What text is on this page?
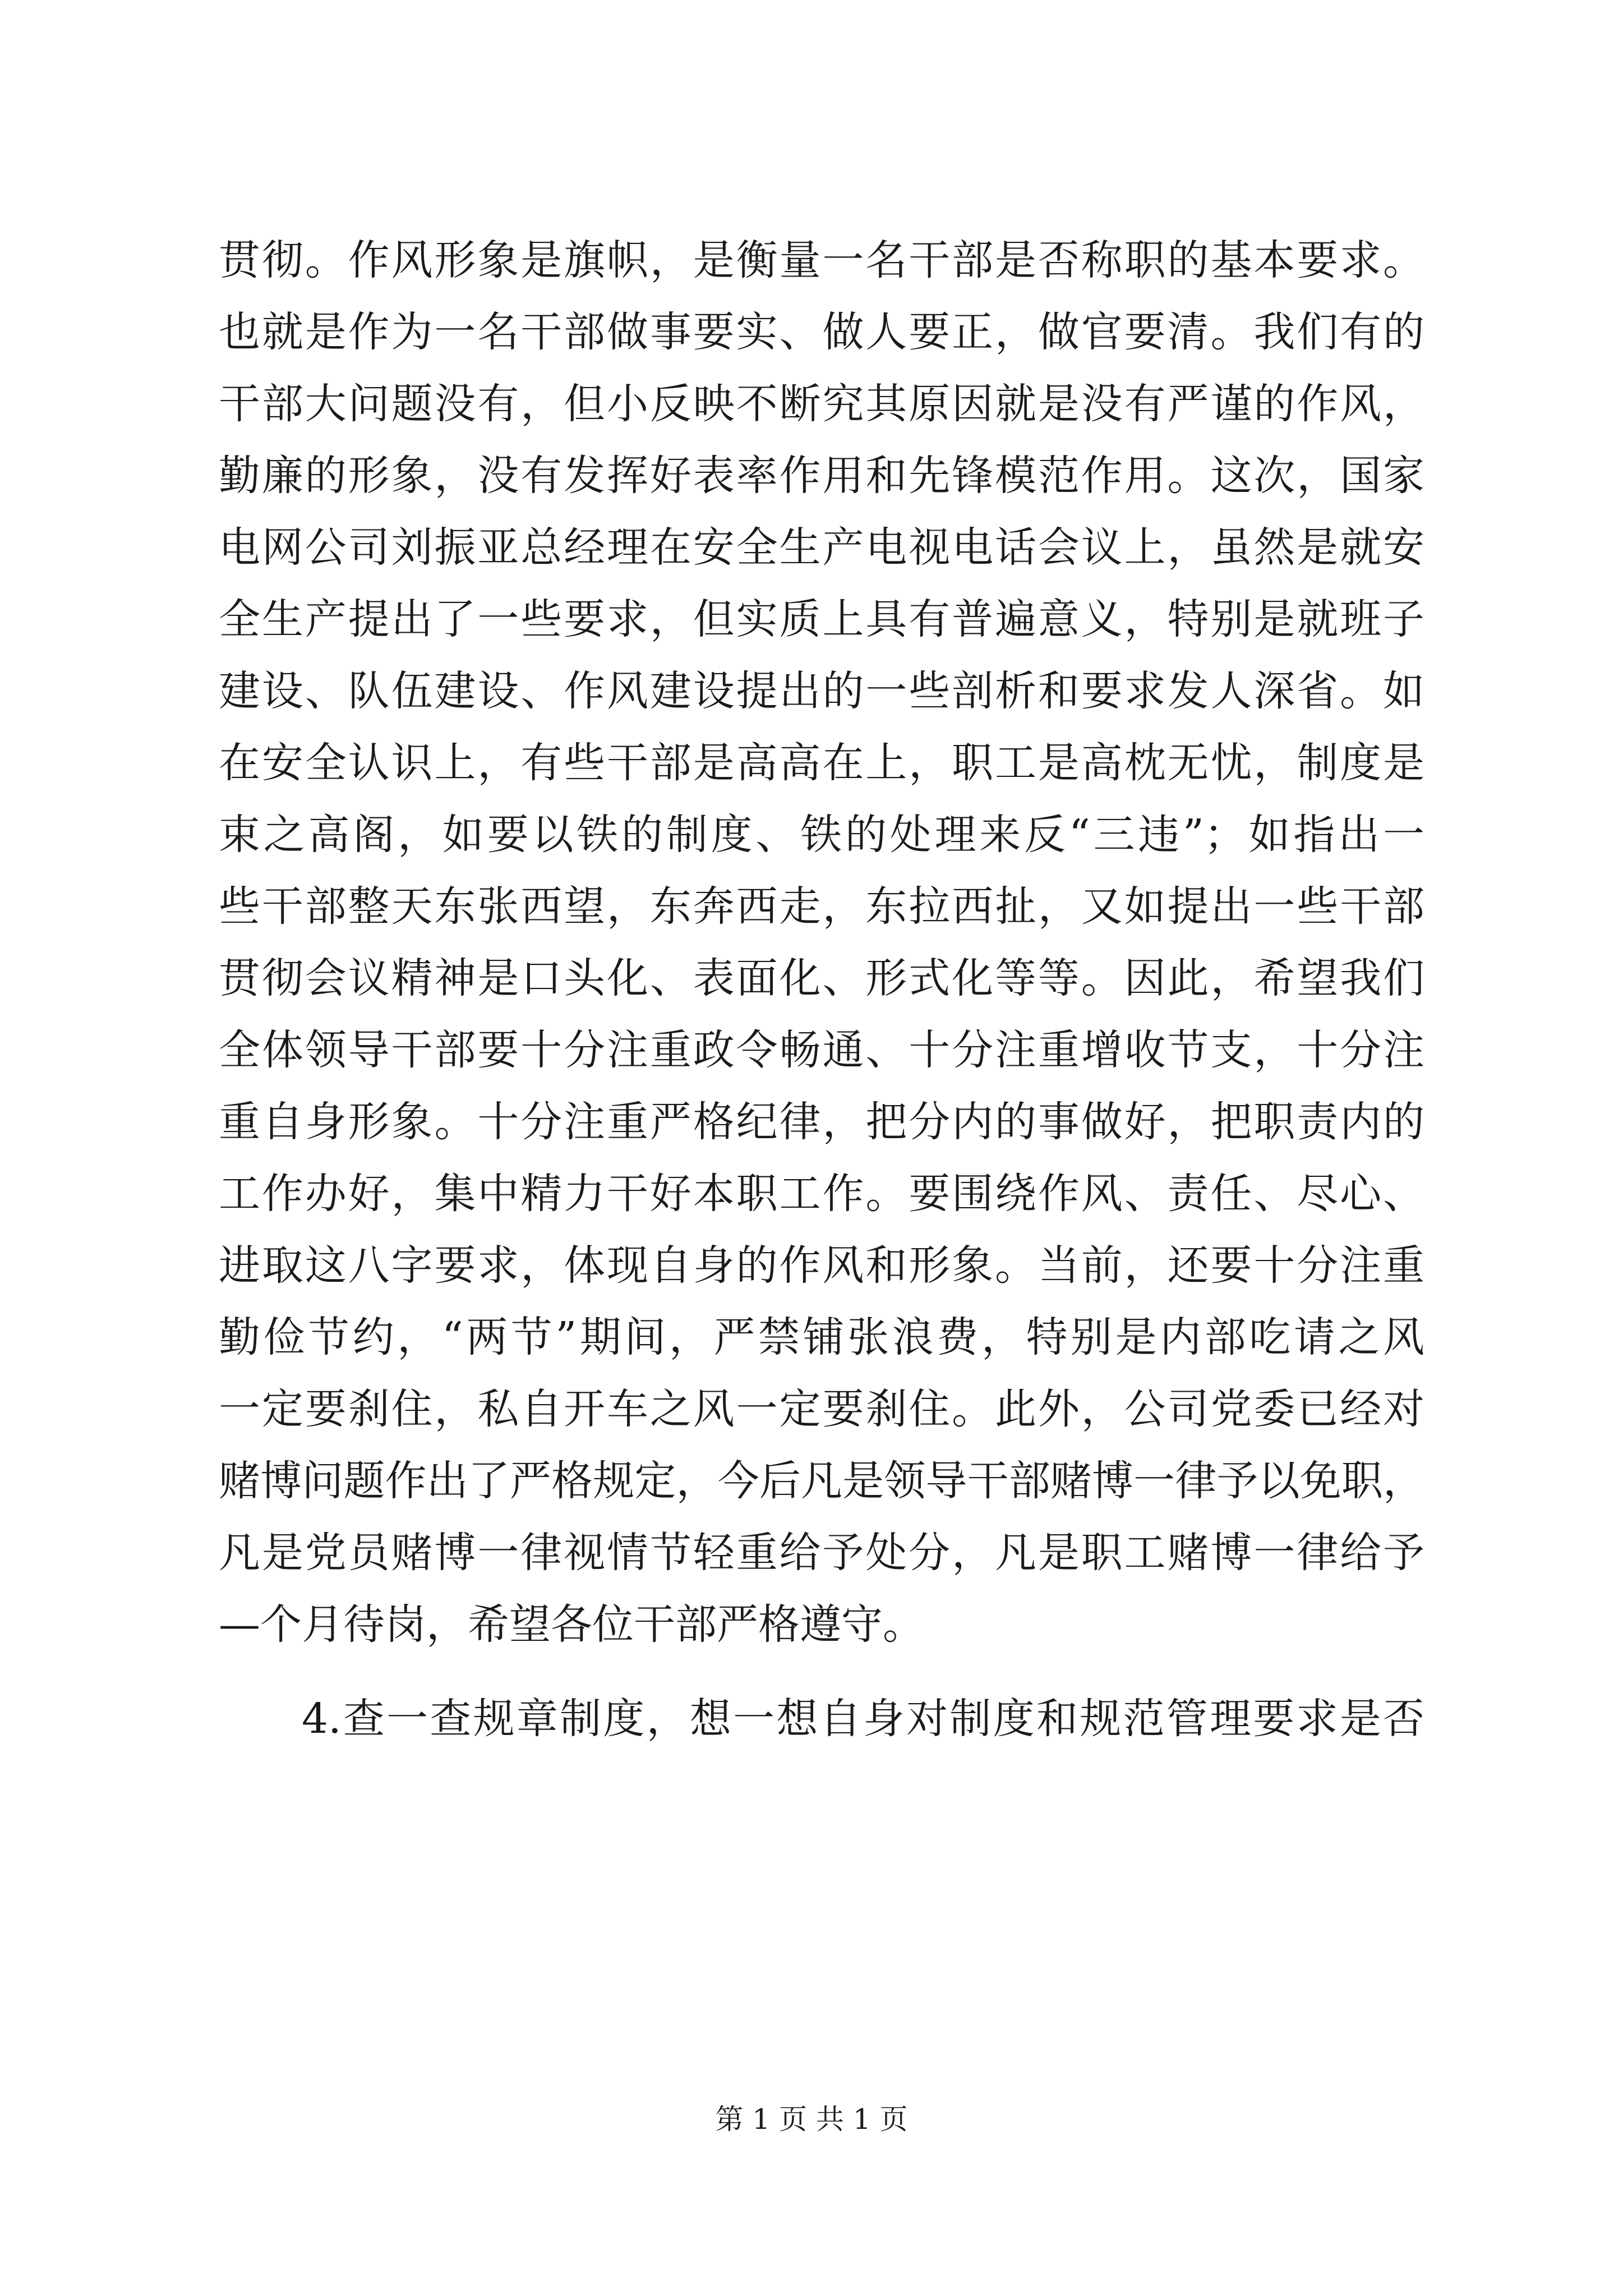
贯彻。作风形象是旗帜，是衡量一名干部是否称职的基本要求。
也就是作为一名干部做事要实、做人要正，做官要清。我们有的
干部大问题没有，但小反映不断究其原因就是没有严谨的作风，
勤廉的形象，没有发挥好表率作用和先锋模范作用。这次，国家
电网公司刘振亚总经理在安全生产电视电话会议上，虽然是就安
全生产提出了一些要求，但实质上具有普遍意义，特别是就班子
建设、队伍建设、作风建设提出的一些剖析和要求发人深省。如
在安全认识上，有些干部是高高在上，职工是高枕无忧，制度是
束之高阁，如要以铁的制度、铁的处理来反“三违”；如指出一
些干部整天东张西望，东奔西走，东拉西扯，又如提出一些干部
贯彻会议精神是口头化、表面化、形式化等等。因此，希望我们
全体领导干部要十分注重政令畅通、十分注重增收节支，十分注
重自身形象。十分注重严格纪律，把分内的事做好，把职责内的
工作办好，集中精力干好本职工作。要围绕作风、责任、尽心、
进取这八字要求，体现自身的作风和形象。当前，还要十分注重
勤俭节约，“两节”期间，严禁铺张浪费，特别是内部吃请之风
一定要刹住，私自开车之风一定要刹住。此外，公司党委已经对
赌博问题作出了严格规定，今后凡是领导干部赌博一律予以免职，
凡是党员赌博一律视情节轻重给予处分，凡是职工赌博一律给予
—个月待岗，希望各位干部严格遵守。
4.查一查规章制度，想一想自身对制度和规范管理要求是否
第 1 页 共 1 页
